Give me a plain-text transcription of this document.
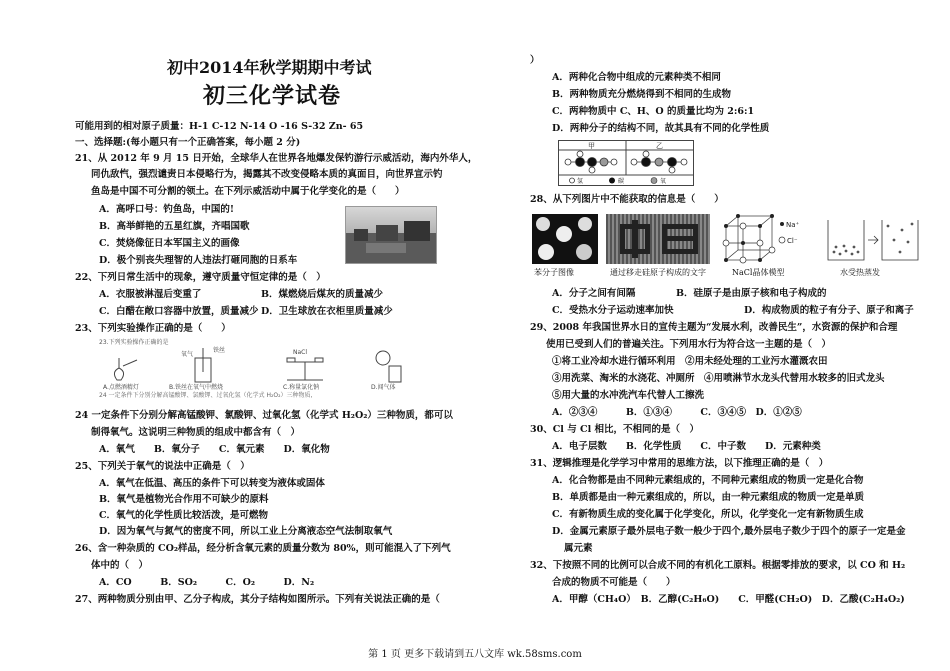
初中2014年秋学期期中考试
初三化学试卷
可能用到的相对原子质量：H-1 C-12 N-14 O -16 S-32 Zn- 65
一、选择题:(每小题只有一个正确答案，每小题 2 分)
21、从 2012 年 9 月 15 日开始，全球华人在世界各地爆发保钓游行示威活动，海内外华人，
同仇敌忾，强烈谴责日本侵略行为，揭露其不改变侵略本质的真面目，向世界宣示钓
鱼岛是中国不可分割的领土。在下列示威活动中属于化学变化的是（　　）
A．高呼口号：钓鱼岛，中国的!
B．高举鲜艳的五星红旗，齐唱国歌
C．焚烧像征日本军国主义的画像
D．极个别丧失理智的人违法打砸同胞的日系车
22、下列日常生活中的现象，遵守质量守恒定律的是（　）
A．衣服被淋湿后变重了	B．煤燃烧后煤灰的质量减少
C．白醋在敞口容器中放置，质量减少 D．卫生球放在衣柜里质量减少
23、下列实验操作正确的是（　　）
23.下列实验操作正确的是
氧气
铁丝	NaCl
A.点燃酒精灯	B.铁丝在氧气中燃烧	C.称量氯化钠	D.闻气体
24 一定条件下分别分解高锰酸钾、氯酸钾、过氧化氢（化学式 H₂O₂）三种物质，
24 一定条件下分别分解高锰酸钾、氯酸钾、过氧化氢（化学式 H₂O₂）三种物质，都可以
制得氧气。这说明三种物质的组成中都含有（　）
A．氧气　　B．氧分子　　C．氧元素　　D．氧化物
25、下列关于氧气的说法中正确是（　）
A．氧气在低温、高压的条件下可以转变为液体或固体
B．氧气是植物光合作用不可缺少的原料
C．氧气的化学性质比较活泼，是可燃物
D．因为氧气与氮气的密度不同，所以工业上分离液态空气法制取氧气
26、含一种杂质的 CO₂样品，经分析含氧元素的质量分数为 80%，则可能混入了下列气
体中的（　）
A．CO　　　B．SO₂　　　C．O₂　　　D．N₂
27、两种物质分别由甲、乙分子构成，其分子结构如图所示。下列有关说法正确的是（
）
A．两种化合物中组成的元素种类不相同
B．两种物质充分燃烧得到不相同的生成物
C．两种物质中 C、H、O 的质量比均为 2:6:1
D．两种分子的结构不同，故其具有不同的化学性质
甲	乙
氢	碳	氧
28、从下列图片中不能获取的信息是（　　）
Na⁺
Cl⁻
苯分子图像	通过移走硅原子构成的文字	NaCl晶体模型	水受热蒸发
A．分子之间有间隔	B．硅原子是由原子核和电子构成的
C．受热水分子运动速率加快	D．构成物质的粒子有分子、原子和离子
29、2008 年我国世界水日的宣传主题为“发展水利，改善民生”，水资源的保护和合理
使用已受到人们的普遍关注。下列用水行为符合这一主题的是（　）
①将工业冷却水进行循环利用　②用未经处理的工业污水灌溉农田
③用洗菜、淘米的水浇花、冲厕所　④用喷淋节水龙头代替用水较多的旧式龙头
⑤用大量的水冲洗汽车代替人工擦洗
A．②③④　　　B．①③④　　　C．③④⑤　D．①②⑤
30、Cl 与 Cl 相比，不相同的是（　）
A．电子层数　　B．化学性质　　C．中子数　　D．元素种类
31、逻辑推理是化学学习中常用的思维方法，以下推理正确的是（　）
A．化合物都是由不同种元素组成的，不同种元素组成的物质一定是化合物
B．单质都是由一种元素组成的，所以，由一种元素组成的物质一定是单质
C．有新物质生成的变化属于化学变化，所以，化学变化一定有新物质生成
D．金属元素原子最外层电子数一般少于四个,最外层电子数少于四个的原子一定是金
属元素
32、下按照不同的比例可以合成不同的有机化工原料。根据零排放的要求，以 CO 和 H₂
合成的物质不可能是（　　）
A．甲醇（CH₄O）　B．乙醇(C₂H₆O)　　C．甲醛(CH₂O)　D．乙酸(C₂H₄O₂)
第 1 页 更多下载请到五八文库 wk.58sms.com
